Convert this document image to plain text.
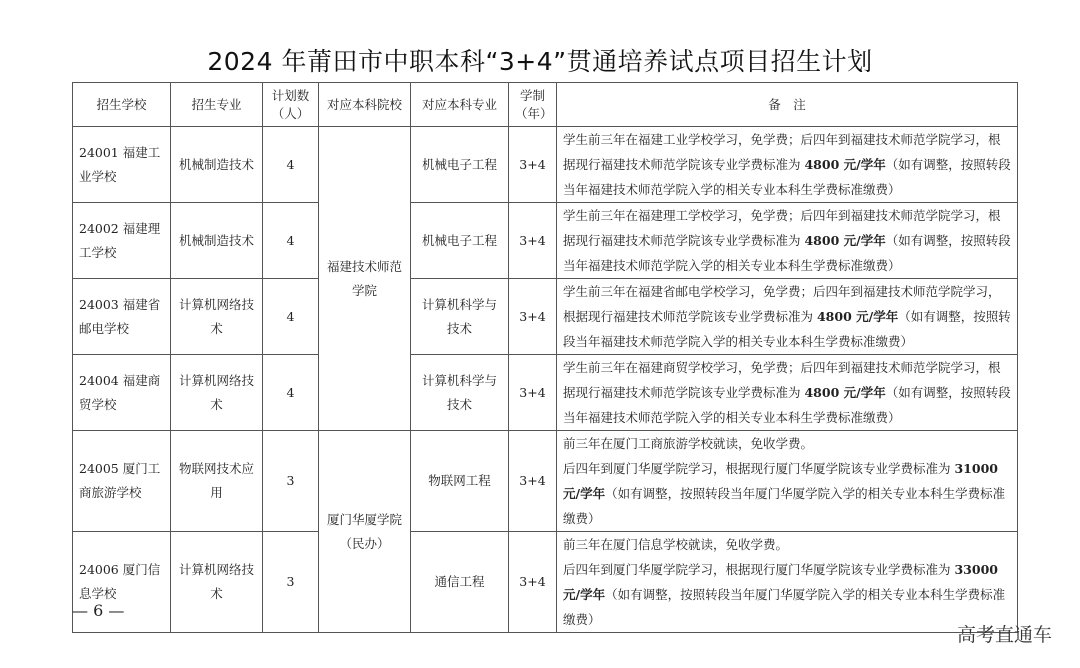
2024 年莆田市中职本科“3+4”贯通培养试点项目招生计划
招生学校	招生专业	计划数（人）	对应本科院校	对应本科专业	学制（年）	备　注
24001 福建工业学校	机械制造技术	4	福建技术师范学院	机械电子工程	3+4	学生前三年在福建工业学校学习，免学费；后四年到福建技术师范学院学习，根据现行福建技术师范学院该专业学费标准为 4800 元/学年（如有调整，按照转段当年福建技术师范学院入学的相关专业本科生学费标准缴费）
24002 福建理工学校	机械制造技术	4		机械电子工程	3+4	学生前三年在福建理工学校学习，免学费；后四年到福建技术师范学院学习，根据现行福建技术师范学院该专业学费标准为 4800 元/学年（如有调整，按照转段当年福建技术师范学院入学的相关专业本科生学费标准缴费）
24003 福建省邮电学校	计算机网络技术	4		计算机科学与技术	3+4	学生前三年在福建省邮电学校学习，免学费；后四年到福建技术师范学院学习，根据现行福建技术师范学院该专业学费标准为 4800 元/学年（如有调整，按照转段当年福建技术师范学院入学的相关专业本科生学费标准缴费）
24004 福建商贸学校	计算机网络技术	4		计算机科学与技术	3+4	学生前三年在福建商贸学校学习，免学费；后四年到福建技术师范学院学习，根据现行福建技术师范学院该专业学费标准为 4800 元/学年（如有调整，按照转段当年福建技术师范学院入学的相关专业本科生学费标准缴费）
24005 厦门工商旅游学校	物联网技术应用	3	厦门华厦学院（民办）	物联网工程	3+4	前三年在厦门工商旅游学校就读，免收学费。
后四年到厦门华厦学院学习，根据现行厦门华厦学院该专业学费标准为 31000 元/学年（如有调整，按照转段当年厦门华厦学院入学的相关专业本科生学费标准缴费）
24006 厦门信息学校	计算机网络技术	3		通信工程	3+4	前三年在厦门信息学校就读，免收学费。
后四年到厦门华厦学院学习，根据现行厦门华厦学院该专业学费标准为 33000 元/学年（如有调整，按照转段当年厦门华厦学院入学的相关专业本科生学费标准缴费）
— 6 —
高考直通车
